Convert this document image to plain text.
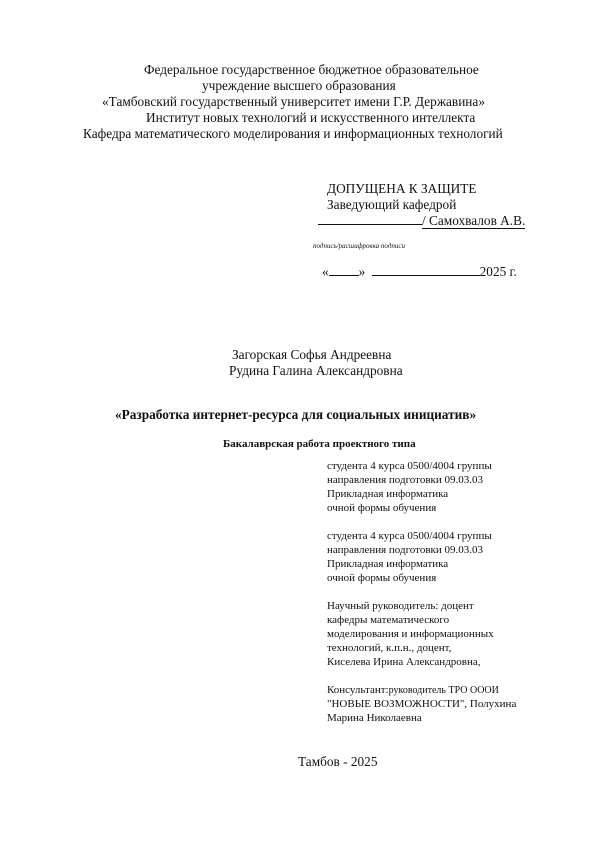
Федеральное государственное бюджетное образовательное
учреждение высшего образования
«Тамбовский государственный университет имени Г.Р. Державина»
Институт новых технологий и искусственного интеллекта
Кафедра математического моделирования и информационных технологий
ДОПУЩЕНА К ЗАЩИТЕ
Заведующий кафедрой
/ Самохвалов А.В.
подпись/расшифровка подписи
« »	2025 г.
Загорская Софья Андреевна
Рудина Галина Александровна
«Разработка интернет-ресурса для социальных инициатив»
Бакалаврская работа проектного типа
студента 4 курса 0500/4004 группы
направления подготовки 09.03.03
Прикладная информатика
очной формы обучения
студента 4 курса 0500/4004 группы
направления подготовки 09.03.03
Прикладная информатика
очной формы обучения
Научный руководитель: доцент
кафедры математического
моделирования и информационных
технологий, к.п.н., доцент,
Киселева Ирина Александровна,
Консультант:руководитель ТРО ОООИ
"НОВЫЕ ВОЗМОЖНОСТИ", Полухина
Марина Николаевна
Тамбов - 2025
